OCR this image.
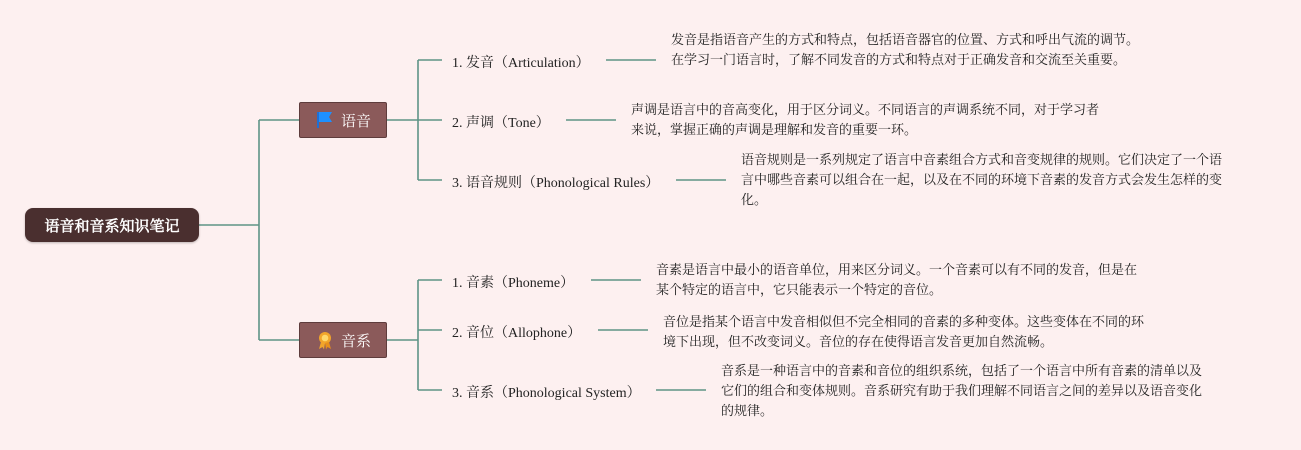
语音和音系知识笔记
语音
音系
1. 发音（Articulation）
2. 声调（Tone）
3. 语音规则（Phonological Rules）
发音是指语音产生的方式和特点，包括语音器官的位置、方式和呼出气流的调节。在学习一门语言时，了解不同发音的方式和特点对于正确发音和交流至关重要。
声调是语言中的音高变化，用于区分词义。不同语言的声调系统不同，对于学习者来说，掌握正确的声调是理解和发音的重要一环。
语音规则是一系列规定了语言中音素组合方式和音变规律的规则。它们决定了一个语言中哪些音素可以组合在一起，以及在不同的环境下音素的发音方式会发生怎样的变化。
1. 音素（Phoneme）
2. 音位（Allophone）
3. 音系（Phonological System）
音素是语言中最小的语音单位，用来区分词义。一个音素可以有不同的发音，但是在某个特定的语言中，它只能表示一个特定的音位。
音位是指某个语言中发音相似但不完全相同的音素的多种变体。这些变体在不同的环境下出现，但不改变词义。音位的存在使得语言发音更加自然流畅。
音系是一种语言中的音素和音位的组织系统，包括了一个语言中所有音素的清单以及它们的组合和变体规则。音系研究有助于我们理解不同语言之间的差异以及语音变化的规律。
